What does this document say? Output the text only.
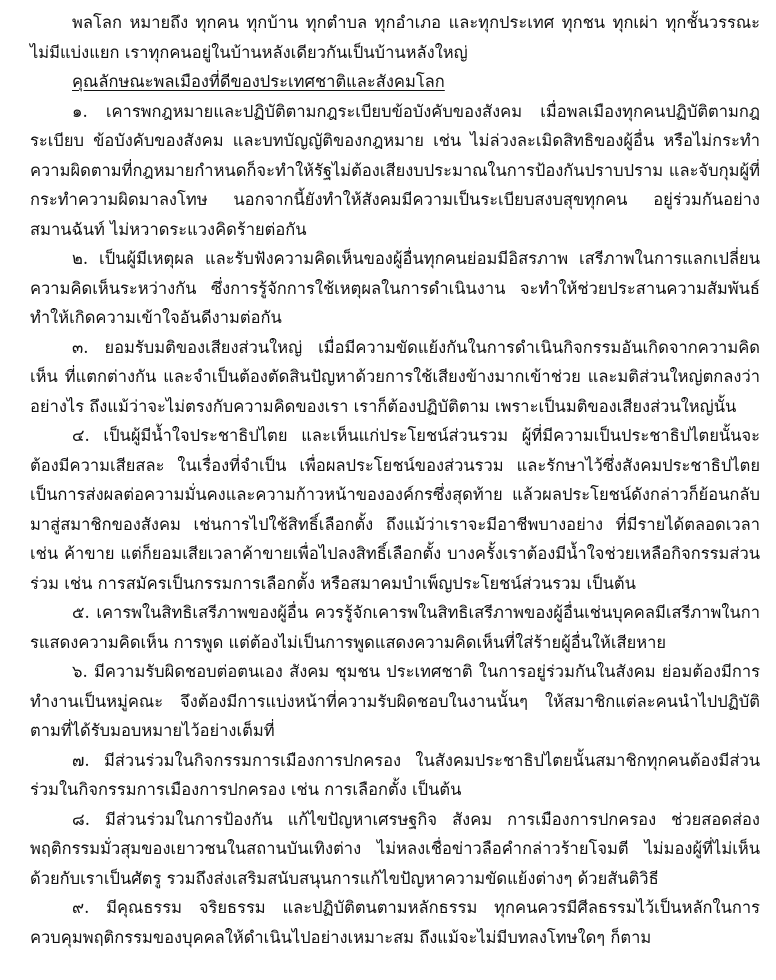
พลโลก หมายถึง ทุกคน ทุกบ้าน ทุกตำบล ทุกอำเภอ และทุกประเทศ ทุกชน ทุกเผ่า ทุกชั้นวรรณะ ไม่มีแบ่งแยก เราทุกคนอยู่ในบ้านหลังเดียวกันเป็นบ้านหลังใหญ่

คุณลักษณะพลเมืองที่ดีของประเทศชาติและสังคมโลก

๑. เคารพกฎหมายและปฏิบัติตามกฎระเบียบข้อบังคับของสังคม เมื่อพลเมืองทุกคนปฏิบัติตามกฎระเบียบ ข้อบังคับของสังคม และบทบัญญัติของกฎหมาย เช่น ไม่ล่วงละเมิดสิทธิของผู้อื่น หรือไม่กระทำความผิดตามที่กฎหมายกำหนดก็จะทำให้รัฐไม่ต้องเสียงบประมาณในการป้องกันปราบปราม และจับกุมผู้ที่กระทำความผิดมาลงโทษ นอกจากนี้ยังทำให้สังคมมีความเป็นระเบียบสงบสุขทุกคน อยู่ร่วมกันอย่างสมานฉันท์ ไม่หวาดระแวงคิดร้ายต่อกัน

๒. เป็นผู้มีเหตุผล และรับฟังความคิดเห็นของผู้อื่นทุกคนย่อมมีอิสรภาพ เสรีภาพในการแลกเปลี่ยนความคิดเห็นระหว่างกัน ซึ่งการรู้จักการใช้เหตุผลในการดำเนินงาน จะทำให้ช่วยประสานความสัมพันธ์ ทำให้เกิดความเข้าใจอันดีงามต่อกัน

๓. ยอมรับมติของเสียงส่วนใหญ่ เมื่อมีความขัดแย้งกันในการดำเนินกิจกรรมอันเกิดจากความคิดเห็น ที่แตกต่างกัน และจำเป็นต้องตัดสินปัญหาด้วยการใช้เสียงข้างมากเข้าช่วย และมติส่วนใหญ่ตกลงว่าอย่างไร ถึงแม้ว่าจะไม่ตรงกับความคิดของเรา เราก็ต้องปฏิบัติตาม เพราะเป็นมติของเสียงส่วนใหญ่นั้น

๔. เป็นผู้มีน้ำใจประชาธิปไตย และเห็นแก่ประโยชน์ส่วนรวม ผู้ที่มีความเป็นประชาธิปไตยนั้นจะต้องมีความเสียสละ ในเรื่องที่จำเป็น เพื่อผลประโยชน์ของส่วนรวม และรักษาไว้ซึ่งสังคมประชาธิปไตย เป็นการส่งผลต่อความมั่นคงและความก้าวหน้าขององค์กรซึ่งสุดท้าย แล้วผลประโยชน์ดังกล่าวก็ย้อนกลับมาสู่สมาชิกของสังคม เช่นการไปใช้สิทธิ์เลือกตั้ง ถึงแม้ว่าเราจะมีอาชีพบางอย่าง ที่มีรายได้ตลอดเวลา เช่น ค้าขาย แต่ก็ยอมเสียเวลาค้าขายเพื่อไปลงสิทธิ์เลือกตั้ง บางครั้งเราต้องมีน้ำใจช่วยเหลือกิจกรรมส่วนร่วม เช่น การสมัครเป็นกรรมการเลือกตั้ง หรือสมาคมบำเพ็ญประโยชน์ส่วนรวม เป็นต้น

๕. เคารพในสิทธิเสรีภาพของผู้อื่น ควรรู้จักเคารพในสิทธิเสรีภาพของผู้อื่นเช่นบุคคลมีเสรีภาพในกา รแสดงความคิดเห็น การพูด แต่ต้องไม่เป็นการพูดแสดงความคิดเห็นที่ใส่ร้ายผู้อื่นให้เสียหาย

๖. มีความรับผิดชอบต่อตนเอง สังคม ชุมชน ประเทศชาติ ในการอยู่ร่วมกันในสังคม ย่อมต้องมีการทำงานเป็นหมู่คณะ จึงต้องมีการแบ่งหน้าที่ความรับผิดชอบในงานนั้นๆ ให้สมาชิกแต่ละคนนำไปปฏิบัติตามที่ได้รับมอบหมายไว้อย่างเต็มที่

๗. มีส่วนร่วมในกิจกรรมการเมืองการปกครอง ในสังคมประชาธิปไตยนั้นสมาชิกทุกคนต้องมีส่วนร่วมในกิจกรรมการเมืองการปกครอง เช่น การเลือกตั้ง เป็นต้น

๘. มีส่วนร่วมในการป้องกัน แก้ไขปัญหาเศรษฐกิจ สังคม การเมืองการปกครอง ช่วยสอดส่องพฤติกรรมมั่วสุมของเยาวชนในสถานบันเทิงต่าง ไม่หลงเชื่อข่าวลือคำกล่าวร้ายโจมตี ไม่มองผู้ที่ไม่เห็นด้วยกับเราเป็นศัตรู รวมถึงส่งเสริมสนับสนุนการแก้ไขปัญหาความขัดแย้งต่างๆ ด้วยสันติวิธี

๙. มีคุณธรรม จริยธรรม และปฏิบัติตนตามหลักธรรม ทุกคนควรมีศีลธรรมไว้เป็นหลักในการควบคุมพฤติกรรมของบุคคลให้ดำเนินไปอย่างเหมาะสม ถึงแม้จะไม่มีบทลงโทษใดๆ ก็ตาม
